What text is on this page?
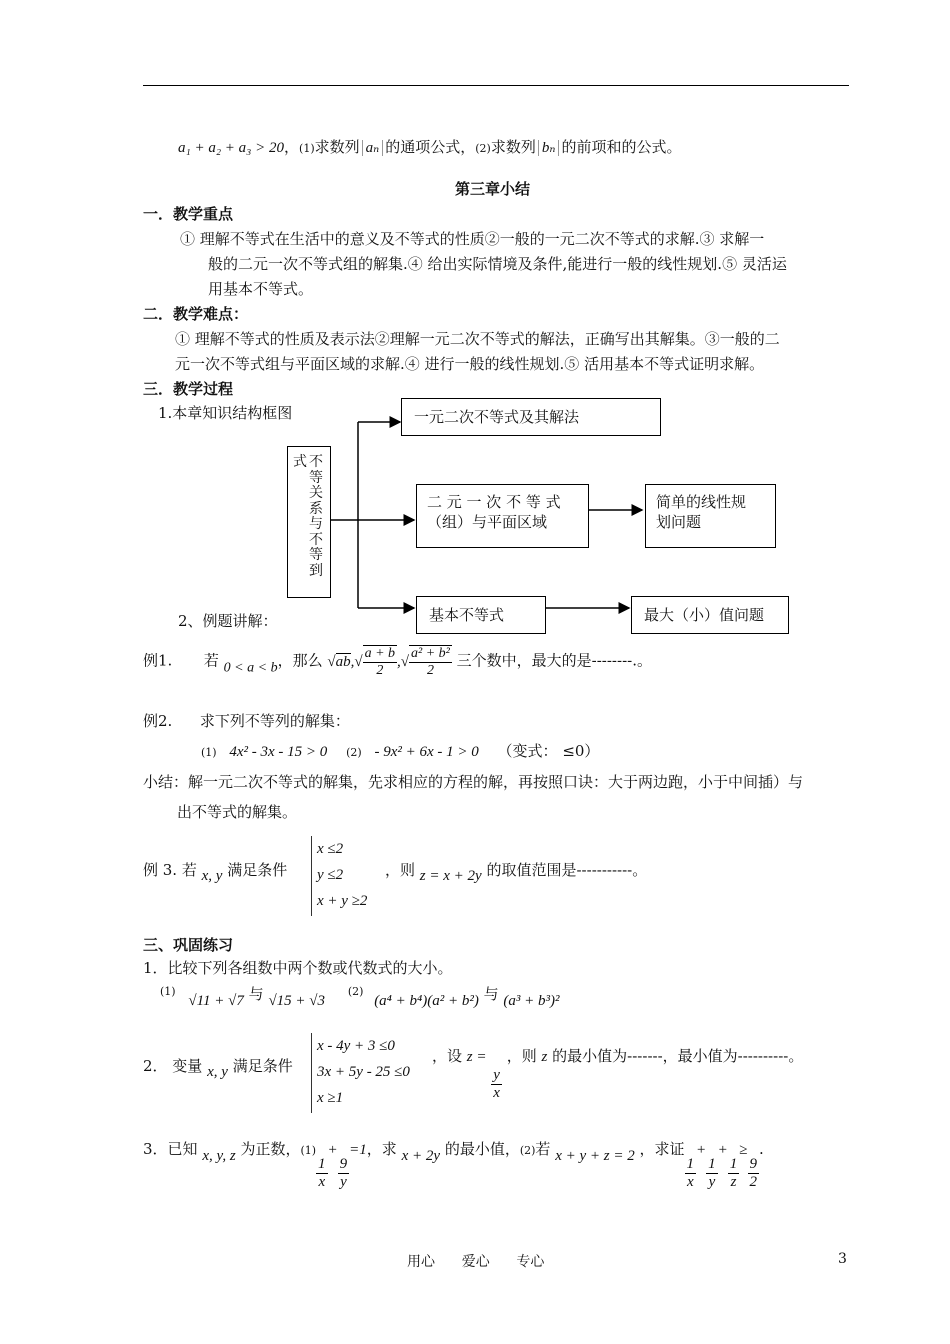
a₁ + a₂ + a₃ > 20，(1)求数列 aₙ 的通项公式，(2)求数列 bₙ 的前项和的公式。
第三章小结
一．教学重点
① 理解不等式在生活中的意义及不等式的性质②一般的一元二次不等式的求解.③ 求解一
般的二元一次不等式组的解集.④ 给出实际情境及条件,能进行一般的线性规划.⑤ 灵活运
用基本不等式。
二．教学难点：
① 理解不等式的性质及表示法②理解一元二次不等式的解法，正确写出其解集。③一般的二
元一次不等式组与平面区域的求解.④ 进行一般的线性规划.⑤ 活用基本不等式证明求解。
三．教学过程
1.本章知识结构框图
不等关系与不等到
式
一元二次不等式及其解法
二 元 一 次 不 等 式
（组）与平面区域
简单的线性规
划问题
基本不等式	最大（小）值问题
2、例题讲解：
例1. 若 0 < a < b，那么 $√ab,√ \frac{a + b}{2}$ ,√ $\frac{\text{a² + b²}}{2}$ 三个数中，最大的是--------.。
例2. 求下列不等列的解集：
(1) 4x² - 3x - 15 > 0 (2) - 9x² + 6x - 1 > 0 （变式： ≤0）
小结：解一元二次不等式的解集，先求相应的方程的解，再按照口诀：大于两边跑，小于中间插）与
出不等式的解集。
例 3. 若 x, y 满足条件
x ≤2
y ≤2
x + y ≥2
，则 z = x + 2y 的取值范围是-----------。
三、巩固练习
1．比较下列各组数中两个数或代数式的大小。
$^{(1)}$ √11 + √7 与 √15 + √3 $^{(2)}$ (a⁴ + b⁴)(a² + b²) 与 (a³ + b³)²
2． 变量 x, y 满足条件
x - 4y + 3 ≤0
3x + 5y - 25 ≤0
x ≥1
，设 z =
$\frac{y}{x}$
，则 z 的最小值为-------，最小值为----------。
3．已知 x, y, z 为正数，(1)
$\frac{1}{x}$
+
$\frac{9}{y}$
=1，求 x + 2y 的最小值，(2)若 x + y + z = 2 ，求证
$\frac{1}{x}$
+
$\frac{1}{y}$
+
$\frac{1}{z}$
≥
$\frac{9}{2}$
.
用心      爱心      专心	3
